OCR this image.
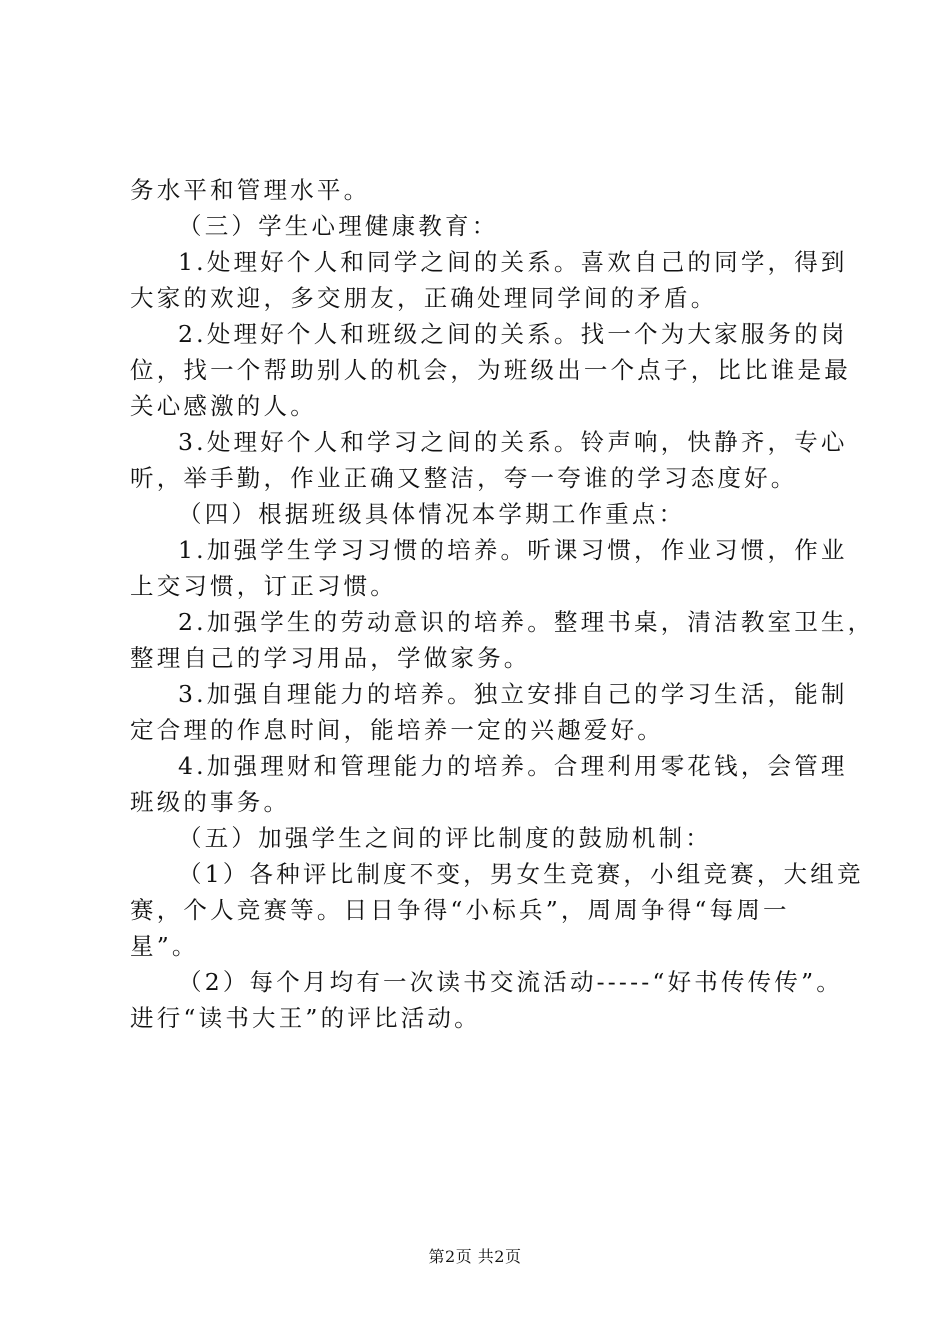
务水平和管理水平。
（三）学生心理健康教育：
1.处理好个人和同学之间的关系。喜欢自己的同学，得到
大家的欢迎，多交朋友，正确处理同学间的矛盾。
2.处理好个人和班级之间的关系。找一个为大家服务的岗
位，找一个帮助别人的机会，为班级出一个点子，比比谁是最
关心感激的人。
3.处理好个人和学习之间的关系。铃声响，快静齐，专心
听，举手勤，作业正确又整洁，夸一夸谁的学习态度好。
（四）根据班级具体情况本学期工作重点：
1.加强学生学习习惯的培养。听课习惯，作业习惯，作业
上交习惯，订正习惯。
2.加强学生的劳动意识的培养。整理书桌，清洁教室卫生，
整理自己的学习用品，学做家务。
3.加强自理能力的培养。独立安排自己的学习生活，能制
定合理的作息时间，能培养一定的兴趣爱好。
4.加强理财和管理能力的培养。合理利用零花钱，会管理
班级的事务。
（五）加强学生之间的评比制度的鼓励机制：
（1）各种评比制度不变，男女生竞赛，小组竞赛，大组竞
赛，个人竞赛等。日日争得“小标兵”，周周争得“每周一
星”。
（2）每个月均有一次读书交流活动-----“好书传传传”。
进行“读书大王”的评比活动。
第2页 共2页
